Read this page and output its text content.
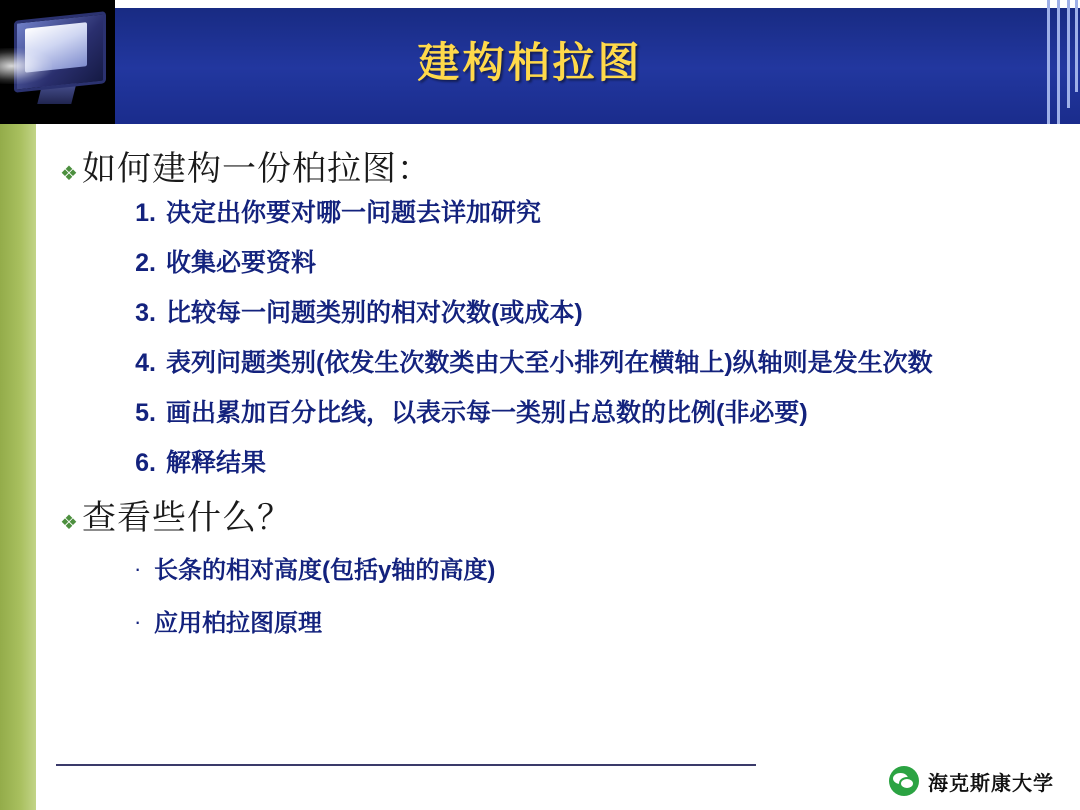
建构柏拉图
❖ 如何建构一份柏拉图：
1. 决定出你要对哪一问题去详加研究
2. 收集必要资料
3. 比较每一问题类别的相对次数(或成本)
4. 表列问题类别(依发生次数类由大至小排列在横轴上)纵轴则是发生次数
5. 画出累加百分比线，以表示每一类别占总数的比例(非必要)
6. 解释结果
❖ 查看些什么？
· 长条的相对高度(包括y轴的高度)
· 应用柏拉图原理
海克斯康大学
